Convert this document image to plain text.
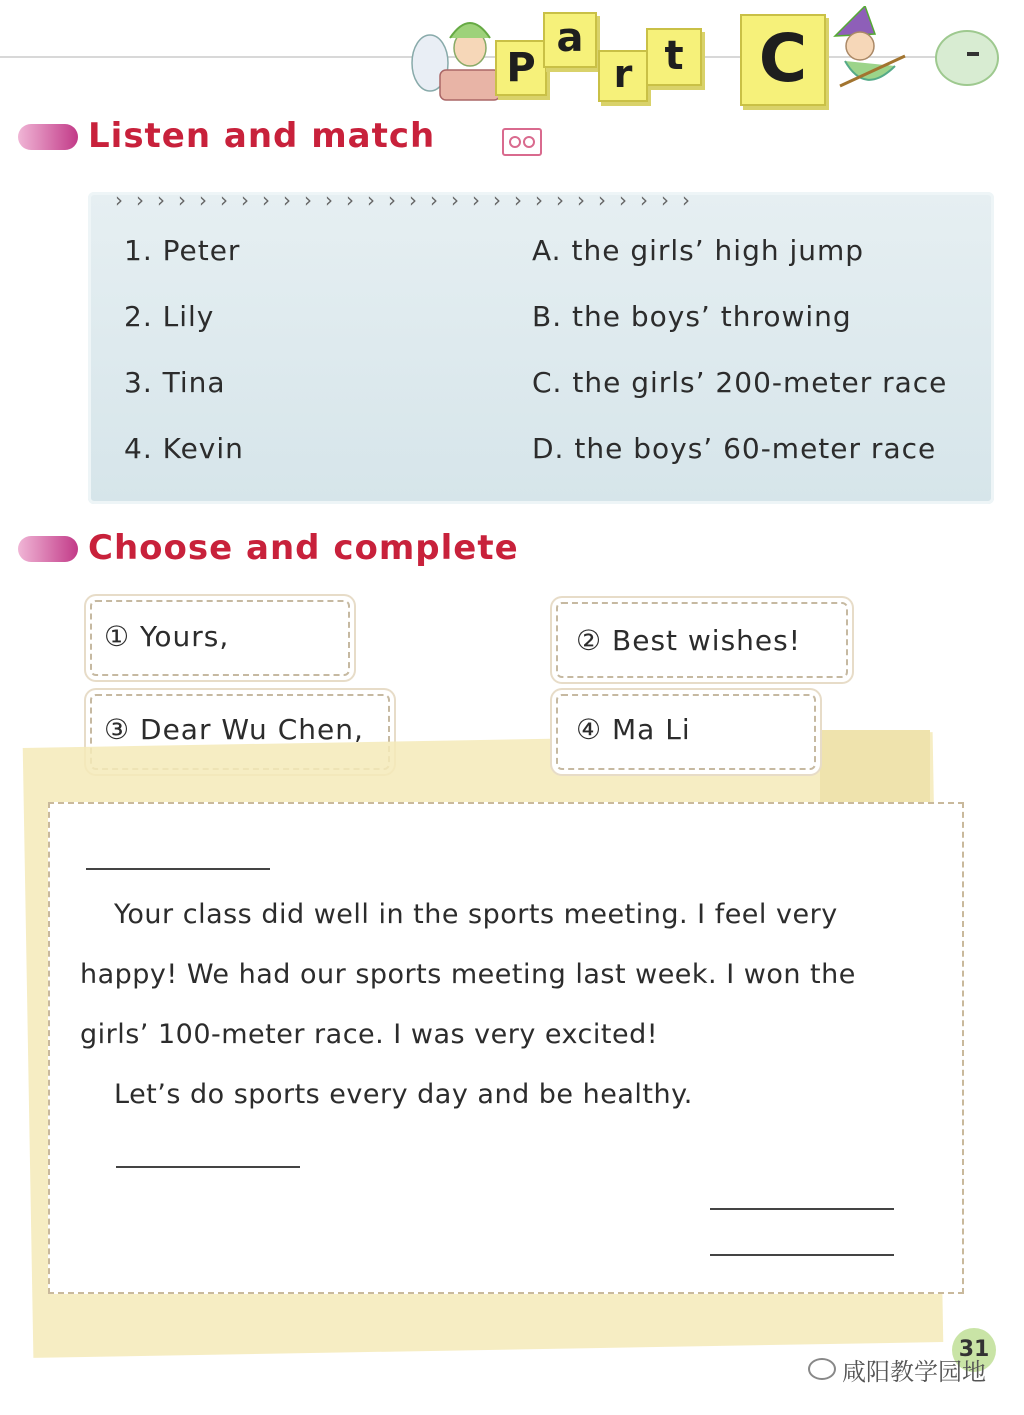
P
a
r t C
Listen and match
››››››››››››››››››››››››››››
1. Peter
2. Lily
3. Tina
4. Kevin
A. the girls’ high jump
B. the boys’ throwing
C. the girls’ 200-meter race
D. the boys’ 60-meter race
Choose and complete
① Yours,	② Best wishes!
③ Dear Wu Chen,	④ Ma Li
Your class did well in the sports meeting. I feel very
happy! We had our sports meeting last week. I won the
girls’ 100-meter race. I was very excited!
Let’s do sports every day and be healthy.
31
咸阳教学园地
